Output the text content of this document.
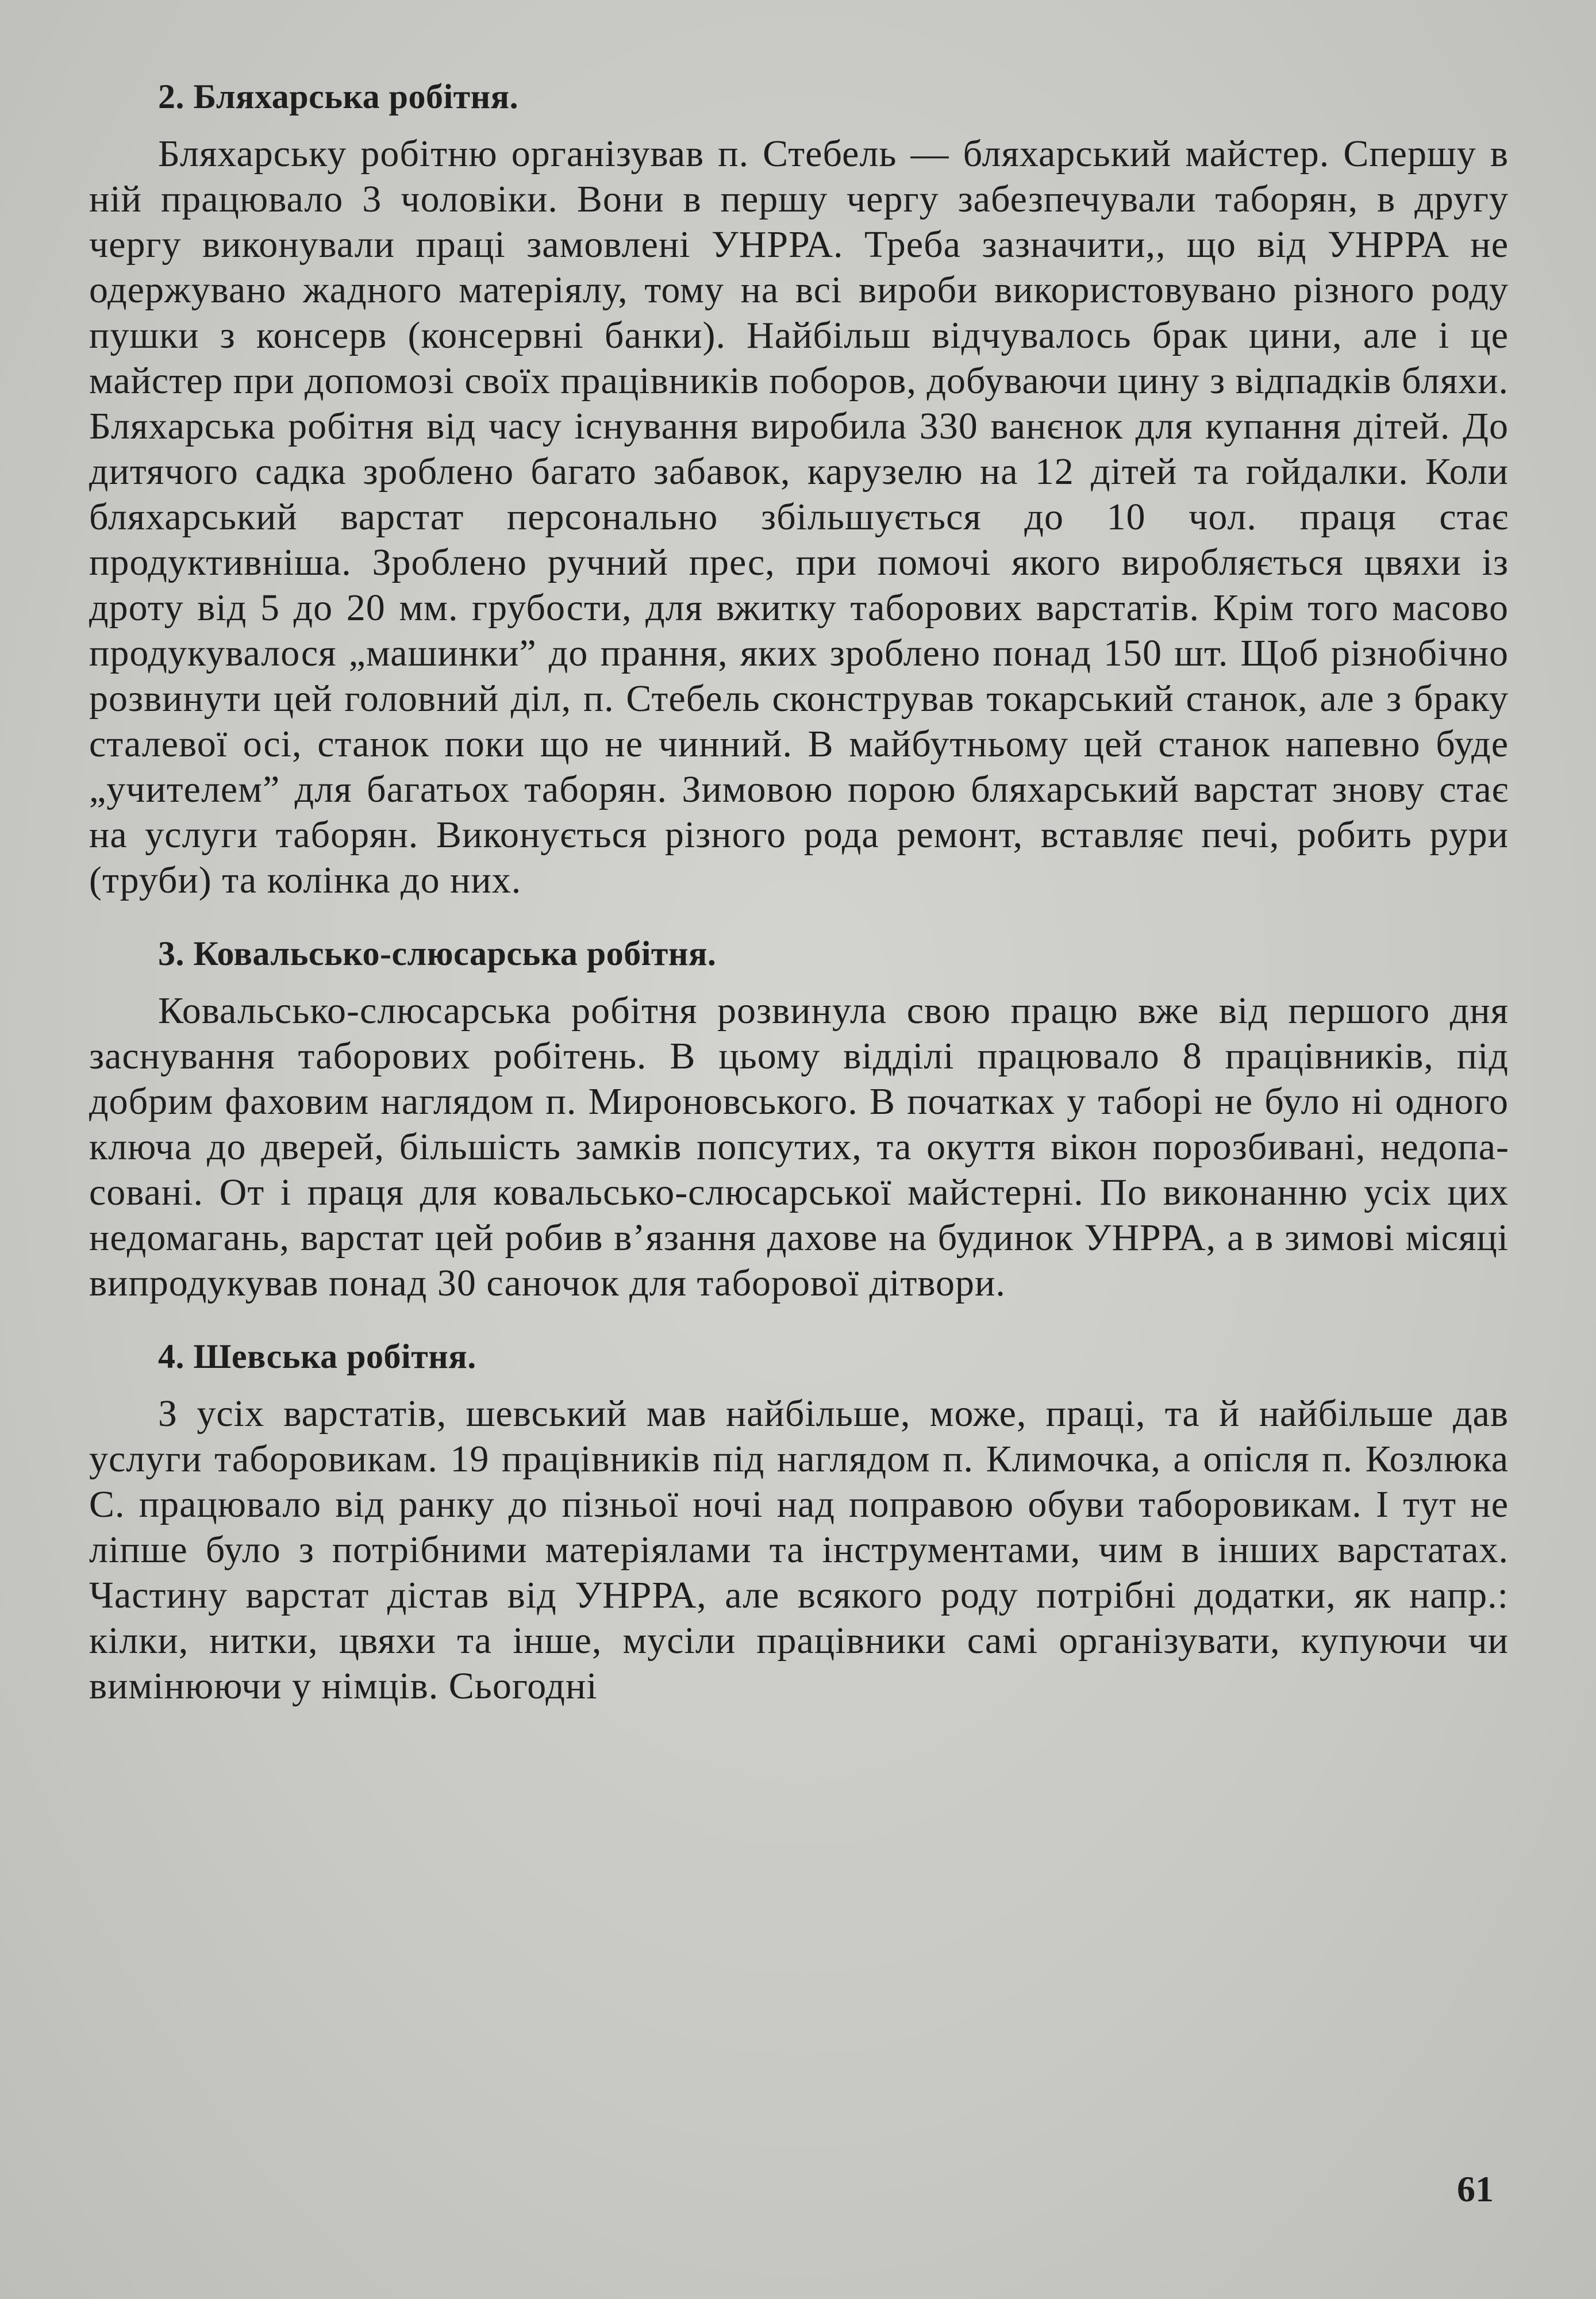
2. Бляхарська робітня.

Бляхарську робітню організував п. Стебель — бляхарський майстер. Спершу в ній працювало 3 чоловіки. Вони в першу чергу забезпечували таборян, в другу чергу виконували праці замовлені УНРРА. Треба зазначити,, що від УНРРА не одержувано жадного матеріялу, тому на всі вироби використовувано різного роду пушки з консерв (консервні банки). Найбільш відчувалось брак цини, але і це майстер при допомозі своїх працівників поборов, добуваючи цину з відпадків бляхи. Бляхарська робітня від часу існування виробила 330 ванєнок для купання дітей. До дитячого садка зроблено багато забавок, карузелю на 12 дітей та гойдалки. Коли бляхарський варстат персонально збільшується до 10 чол. праця стає продуктивніша. Зроблено ручний прес, при помочі якого виробляється цвяхи із дроту від 5 до 20 мм. грубости, для вжитку таборових варстатів. Крім того масово продукувалося „машинки” до прання, яких зроблено понад 150 шт. Щоб різнобічно розвинути цей головний діл, п. Стебель сконстрував токарський станок, але з браку сталевої осі, станок поки що не чинний. В майбутньому цей станок напевно буде „учителем” для багатьох таборян. Зимовою порою бляхарський варстат знову стає на услуги таборян. Виконується різного рода ремонт, вставляє печі, робить рури (труби) та колінка до них.

3. Ковальсько-слюсарська робітня.

Ковальсько-слюсарська робітня розвинула свою працю вже від першого дня заснування таборових робітень. В цьому відділі працювало 8 працівників, під добрим фаховим наглядом п. Мироновського. В початках у таборі не було ні одного ключа до дверей, більшість замків попсутих, та окуття вікон порозбивані, недопасовані. От і праця для ковальсько-слюсарської майстерні. По виконанню усіх цих недомагань, варстат цей робив в’язання дахове на будинок УНРРА, а в зимові місяці випродукував понад 30 саночок для таборової дітвори.

4. Шевська робітня.

З усіх варстатів, шевський мав найбільше, може, праці, та й найбільше дав услуги таборовикам. 19 працівників під наглядом п. Климочка, а опісля п. Козлюка С. працювало від ранку до пізньої ночі над поправою обуви таборовикам. І тут не ліпше було з потрібними матеріялами та інструментами, чим в інших варстатах. Частину варстат дістав від УНРРА, але всякого роду потрібні додатки, як напр.: кілки, нитки, цвяхи та інше, мусіли працівники самі організувати, купуючи чи вимінюючи у німців. Сьогодні

61
